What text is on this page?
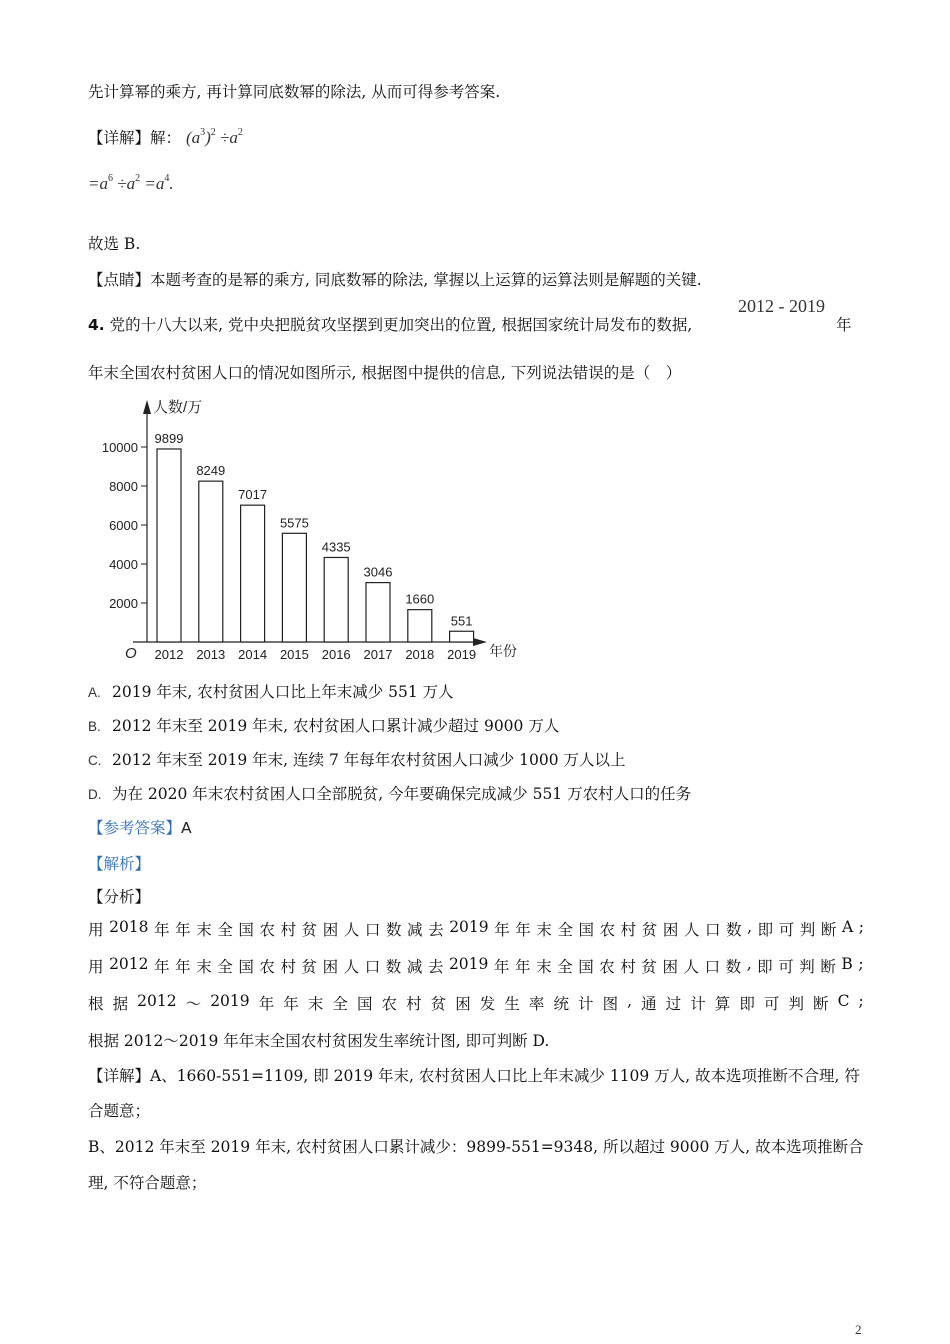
先计算幂的乘方, 再计算同底数幂的除法, 从而可得参考答案.
【详解】解： $(a^3)^2 \div a^2$
$=a^6 \div a^2 =a^4$.
故选 B.
【点睛】本题考查的是幂的乘方, 同底数幂的除法, 掌握以上运算的运算法则是解题的关键.
4. 党的十八大以来, 党中央把脱贫攻坚摆到更加突出的位置, 根据国家统计局发布的数据,
2012 - 2019
年
年末全国农村贫困人口的情况如图所示, 根据图中提供的信息, 下列说法错误的是（　）
人数/万
年份
O
2000
4000
6000
8000
10000
9899
2012
8249
2013
7017
2014
5575
2015
4335
2016
3046
2017
1660
2018
551
2019
A. 2019 年末, 农村贫困人口比上年末减少 551 万人
B. 2012 年末至 2019 年末, 农村贫困人口累计减少超过 9000 万人
C. 2012 年末至 2019 年末, 连续 7 年每年农村贫困人口减少 1000 万人以上
D. 为在 2020 年末农村贫困人口全部脱贫, 今年要确保完成减少 551 万农村人口的任务
【参考答案】A
【解析】
【分析】
用 2018 年 年 末 全 国 农 村 贫 困 人 口 数 减 去 2019 年 年 末 全 国 农 村 贫 困 人 口 数 , 即 可 判 断 A ;
用 2012 年 年 末 全 国 农 村 贫 困 人 口 数 减 去 2019 年 年 末 全 国 农 村 贫 困 人 口 数 , 即 可 判 断 B ;
根 据 2012 ～ 2019 年 年 末 全 国 农 村 贫 困 发 生 率 统 计 图 , 通 过 计 算 即 可 判 断 C ;
根据 2012～2019 年年末全国农村贫困发生率统计图, 即可判断 D.
【详解】A、1660-551=1109, 即 2019 年末, 农村贫困人口比上年末减少 1109 万人, 故本选项推断不合理, 符
合题意；
B、2012 年末至 2019 年末, 农村贫困人口累计减少：9899-551=9348, 所以超过 9000 万人, 故本选项推断合
理, 不符合题意；
2
